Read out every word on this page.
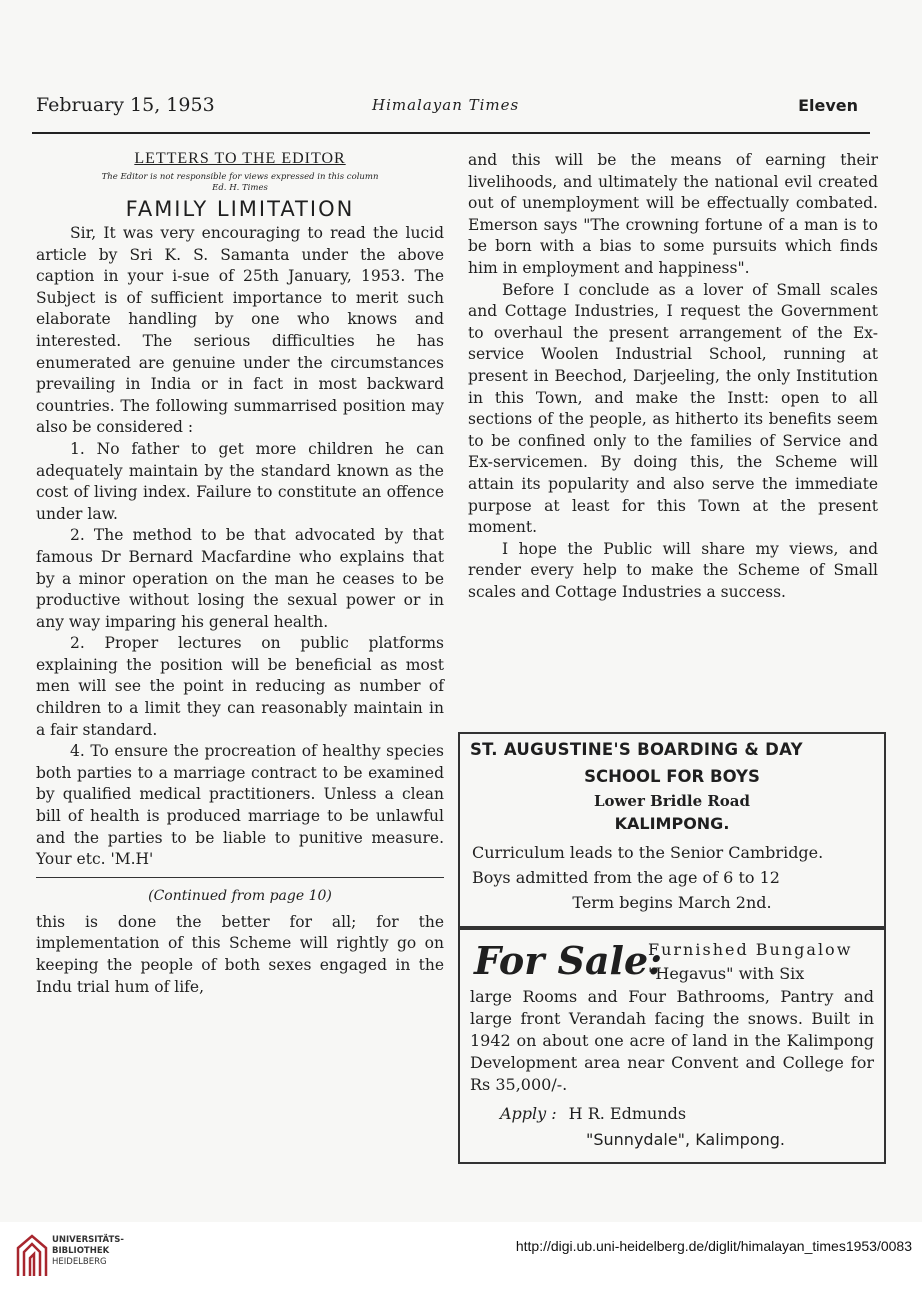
February 15, 1953	Himalayan Times	Eleven
LETTERS TO THE EDITOR
The Editor is not responsible for views expressed in this column
Ed. H. Times
FAMILY LIMITATION

Sir, It was very encouraging to read the lucid article by Sri K. S. Samanta under the above caption in your i-sue of 25th January, 1953. The Subject is of sufficient importance to merit such elaborate handling by one who knows and interested. The serious difficulties he has enumerated are genuine under the circumstances prevailing in India or in fact in most backward countries. The following summarrised position may also be considered :

1. No father to get more children he can adequately maintain by the standard known as the cost of living index. Failure to constitute an offence under law.

2. The method to be that advocated by that famous Dr Bernard Macfardine who explains that by a minor operation on the man he ceases to be productive without losing the sexual power or in any way imparing his general health.

2. Proper lectures on public platforms explaining the position will be beneficial as most men will see the point in reducing as number of children to a limit they can reasonably maintain in a fair standard.

4. To ensure the procreation of healthy species both parties to a marriage contract to be examined by qualified medical practitioners. Unless a clean bill of health is produced marriage to be unlawful and the parties to be liable to punitive measure. Your etc. 'M.H'

(Continued from page 10)

this is done the better for all; for the implementation of this Scheme will rightly go on keeping the people of both sexes engaged in the Indu trial hum of life,

and this will be the means of earning their livelihoods, and ultimately the national evil created out of unemployment will be effectually combated. Emerson says "The crowning fortune of a man is to be born with a bias to some pursuits which finds him in employment and happiness".

Before I conclude as a lover of Small scales and Cottage Industries, I request the Government to overhaul the present arrangement of the Ex-service Woolen Industrial School, running at present in Beechod, Darjeeling, the only Institution in this Town, and make the Instt: open to all sections of the people, as hitherto its benefits seem to be confined only to the families of Service and Ex-servicemen. By doing this, the Scheme will attain its popularity and also serve the immediate purpose at least for this Town at the present moment.

I hope the Public will share my views, and render every help to make the Scheme of Small scales and Cottage Industries a success.

ST. AUGUSTINE'S BOARDING & DAY
SCHOOL FOR BOYS
Lower Bridle Road
KALIMPONG.
Curriculum leads to the Senior Cambridge.
Boys admitted from the age of 6 to 12
Term begins March 2nd.
For Sale:
Furnished Bungalow
"Hegavus" with Six
large Rooms and Four Bathrooms, Pantry and large front Verandah facing the snows. Built in 1942 on about one acre of land in the Kalimpong Development area near Convent and College for Rs 35,000/-.
Apply : H R. Edmunds
"Sunnydale", Kalimpong.
UNIVERSITÄTS-
BIBLIOTHEK
HEIDELBERG
http://digi.ub.uni-heidelberg.de/diglit/himalayan_times1953/0083
